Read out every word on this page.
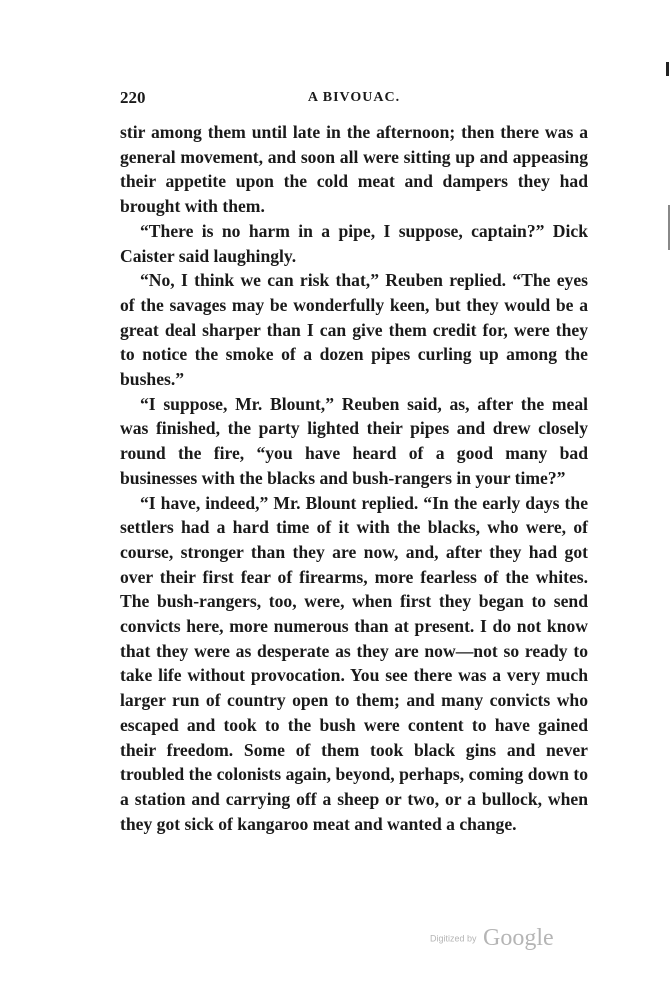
220	A BIVOUAC.

stir among them until late in the afternoon; then there was a general movement, and soon all were sitting up and appeasing their appetite upon the cold meat and dampers they had brought with them.

“There is no harm in a pipe, I suppose, captain?” Dick Caister said laughingly.

“No, I think we can risk that,” Reuben replied. “The eyes of the savages may be wonderfully keen, but they would be a great deal sharper than I can give them credit for, were they to notice the smoke of a dozen pipes curling up among the bushes.”

“I suppose, Mr. Blount,” Reuben said, as, after the meal was finished, the party lighted their pipes and drew closely round the fire, “you have heard of a good many bad businesses with the blacks and bush-rangers in your time?”

“I have, indeed,” Mr. Blount replied. “In the early days the settlers had a hard time of it with the blacks, who were, of course, stronger than they are now, and, after they had got over their first fear of firearms, more fearless of the whites. The bush-rangers, too, were, when first they began to send convicts here, more numerous than at present. I do not know that they were as desperate as they are now—not so ready to take life without provocation. You see there was a very much larger run of country open to them; and many convicts who escaped and took to the bush were content to have gained their freedom. Some of them took black gins and never troubled the colonists again, beyond, perhaps, coming down to a station and carrying off a sheep or two, or a bullock, when they got sick of kangaroo meat and wanted a change.

Digitized by Google
